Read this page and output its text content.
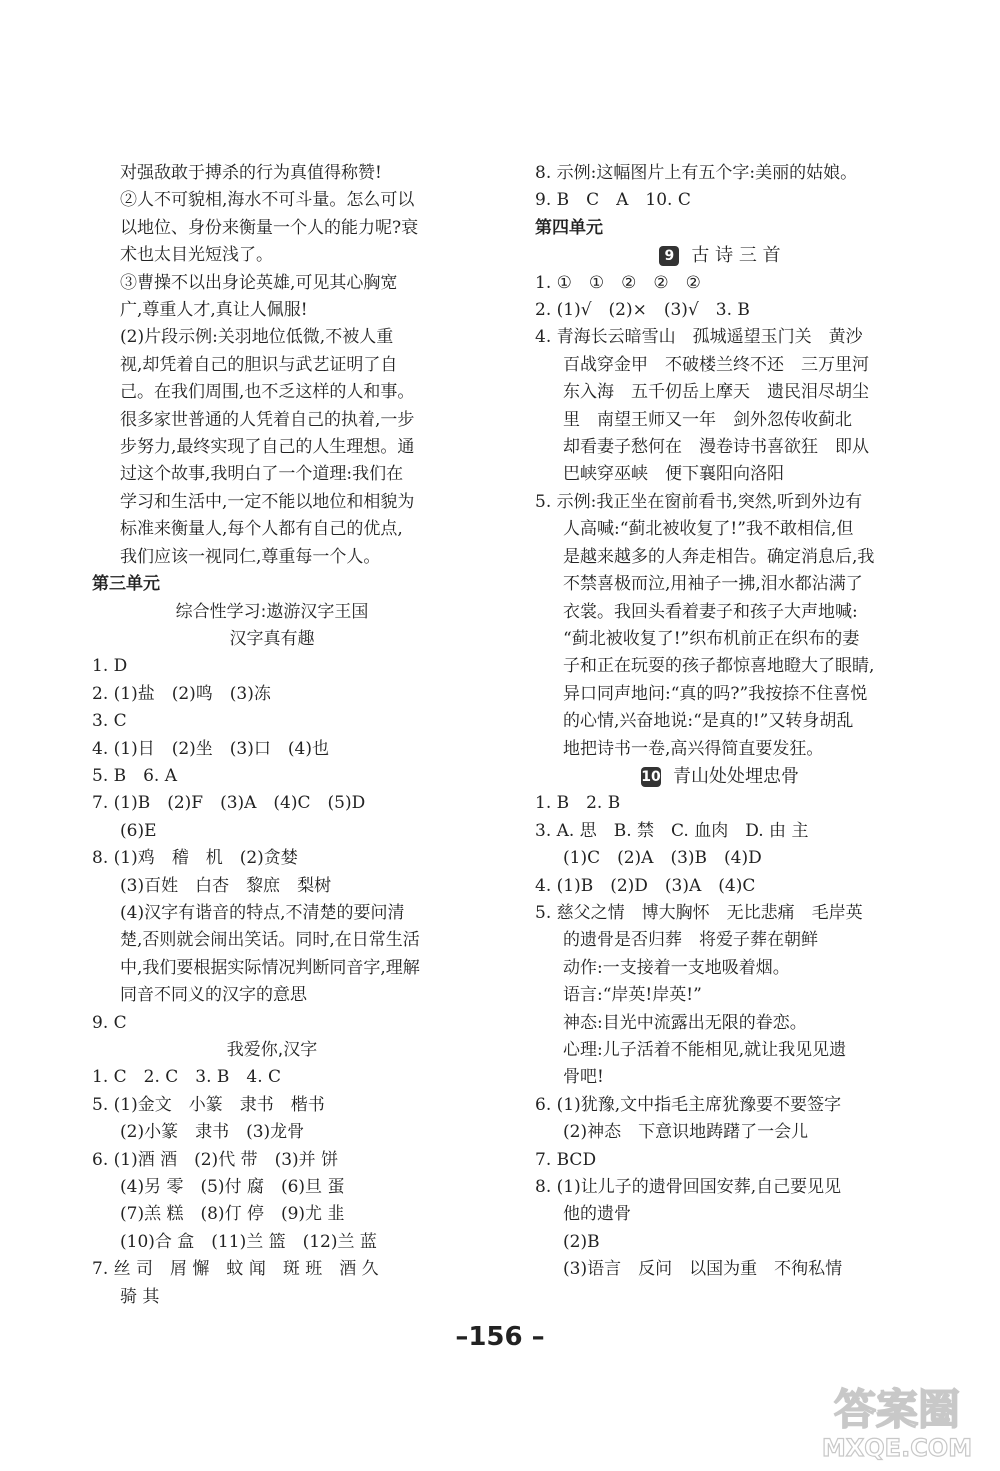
对强敌敢于搏杀的行为真值得称赞!
②人不可貌相,海水不可斗量。怎么可以
以地位、身份来衡量一个人的能力呢?衰
术也太目光短浅了。
③曹操不以出身论英雄,可见其心胸宽
广,尊重人才,真让人佩服!
(2)片段示例:关羽地位低微,不被人重
视,却凭着自己的胆识与武艺证明了自
己。在我们周围,也不乏这样的人和事。
很多家世普通的人凭着自己的执着,一步
步努力,最终实现了自己的人生理想。通
过这个故事,我明白了一个道理:我们在
学习和生活中,一定不能以地位和相貌为
标准来衡量人,每个人都有自己的优点,
我们应该一视同仁,尊重每一个人。
第三单元
综合性学习:遨游汉字王国
汉字真有趣
1. D
2. (1)盐　(2)鸣　(3)冻
3. C
4. (1)日　(2)坐　(3)口　(4)也
5. B　6. A
7. (1)B　(2)F　(3)A　(4)C　(5)D
(6)E
8. (1)鸡　稽　机　(2)贪婪
(3)百姓　白杏　黎庶　梨树
(4)汉字有谐音的特点,不清楚的要问清
楚,否则就会闹出笑话。同时,在日常生活
中,我们要根据实际情况判断同音字,理解
同音不同义的汉字的意思
9. C
我爱你,汉字
1. C　2. C　3. B　4. C
5. (1)金文　小篆　隶书　楷书
(2)小篆　隶书　(3)龙骨
6. (1)酒 酒　(2)代 带　(3)并 饼
(4)另 零　(5)付 腐　(6)旦 蛋
(7)羔 糕　(8)仃 停　(9)尤 韭
(10)合 盒　(11)兰 篮　(12)兰 蓝
7. 丝 司　屑 懈　蚊 闻　斑 班　酒 久
骑 其
8. 示例:这幅图片上有五个字:美丽的姑娘。
9. B　C　A　10. C
第四单元
9 古 诗 三 首
1. ①　①　②　②　②
2. (1)√　(2)×　(3)√　3. B
4. 青海长云暗雪山　孤城遥望玉门关　黄沙
百战穿金甲　不破楼兰终不还　三万里河
东入海　五千仞岳上摩天　遗民泪尽胡尘
里　南望王师又一年　剑外忽传收蓟北
却看妻子愁何在　漫卷诗书喜欲狂　即从
巴峡穿巫峡　便下襄阳向洛阳
5. 示例:我正坐在窗前看书,突然,听到外边有
人高喊:“蓟北被收复了!”我不敢相信,但
是越来越多的人奔走相告。确定消息后,我
不禁喜极而泣,用袖子一拂,泪水都沾满了
衣裳。我回头看着妻子和孩子大声地喊:
“蓟北被收复了!”织布机前正在织布的妻
子和正在玩耍的孩子都惊喜地瞪大了眼睛,
异口同声地问:“真的吗?”我按捺不住喜悦
的心情,兴奋地说:“是真的!”又转身胡乱
地把诗书一卷,高兴得简直要发狂。
10 青山处处埋忠骨
1. B　2. B
3. A. 思　B. 禁　C. 血肉　D. 由 主
(1)C　(2)A　(3)B　(4)D
4. (1)B　(2)D　(3)A　(4)C
5. 慈父之情　博大胸怀　无比悲痛　毛岸英
的遗骨是否归葬　将爱子葬在朝鲜
动作:一支接着一支地吸着烟。
语言:“岸英!岸英!”
神态:目光中流露出无限的眷恋。
心理:儿子活着不能相见,就让我见见遗
骨吧!
6. (1)犹豫,文中指毛主席犹豫要不要签字
(2)神态　下意识地踌躇了一会儿
7. BCD
8. (1)让儿子的遗骨回国安葬,自己要见见
他的遗骨
(2)B
(3)语言　反问　以国为重　不徇私情
–156 –
答案圈
MXQE.COM
